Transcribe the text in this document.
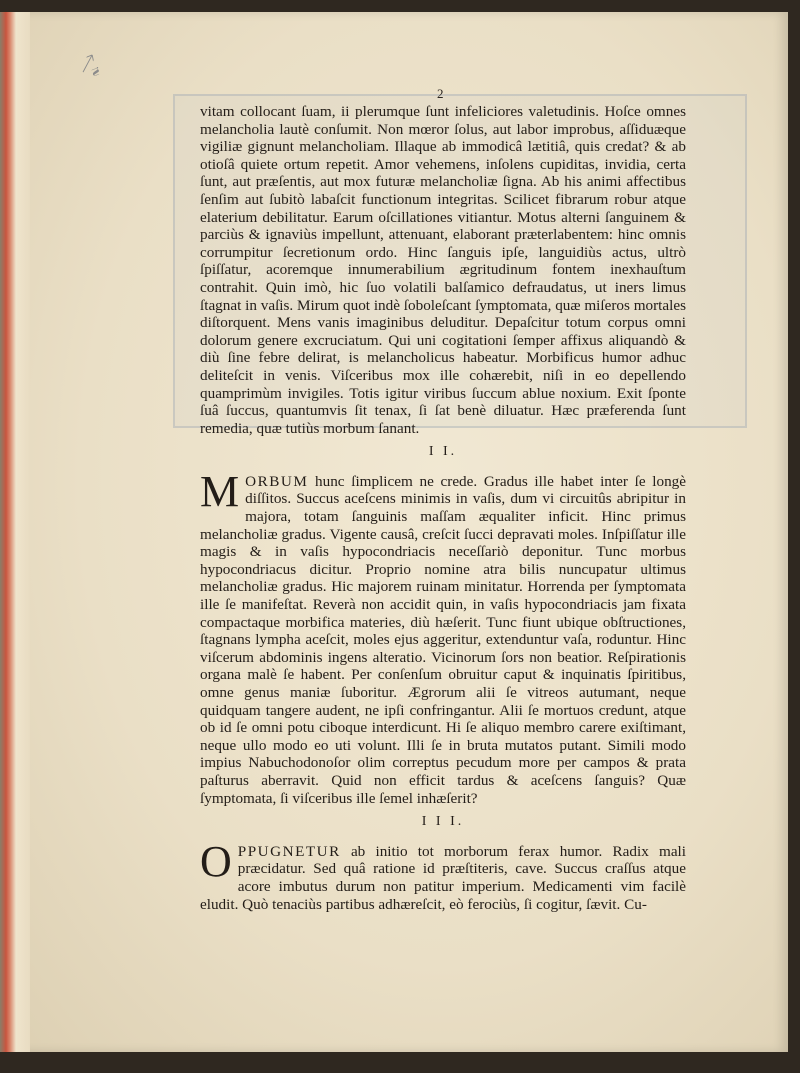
ᛏ𝓇
2

vitam collocant ſuam, ii plerumque ſunt infeliciores valetudinis. Hoſce omnes melancholia lautè conſumit. Non mœror ſolus, aut labor improbus, aſſiduæque vigiliæ gignunt melancholiam. Illaque ab immodicâ lætitiâ, quis credat? & ab otioſâ quiete ortum repetit. Amor vehemens, inſolens cupiditas, invidia, certa ſunt, aut præſentis, aut mox futuræ melancholiæ ſigna. Ab his animi affectibus ſenſim aut ſubitò labaſcit functionum integritas. Scilicet fibrarum robur atque elaterium debilitatur. Earum oſcillationes vitiantur. Motus alterni ſanguinem & parciùs & ignaviùs impellunt, attenuant, elaborant præterlabentem: hinc omnis corrumpitur ſecretionum ordo. Hinc ſanguis ipſe, languidiùs actus, ultrò ſpiſſatur, acoremque innumerabilium ægritudinum fontem inexhauſtum contrahit. Quin imò, hic ſuo volatili balſamico defraudatus, ut iners limus ſtagnat in vaſis. Mirum quot indè ſoboleſcant ſymptomata, quæ miſeros mortales diſtorquent. Mens vanis imaginibus deluditur. Depaſcitur totum corpus omni dolorum genere excruciatum. Qui uni cogitationi ſemper affixus aliquandò & diù ſine febre delirat, is melancholicus habeatur. Morbificus humor adhuc deliteſcit in venis. Viſceribus mox ille cohærebit, niſi in eo depellendo quamprimùm invigiles. Totis igitur viribus ſuccum ablue noxium. Exit ſponte ſuâ ſuccus, quantumvis ſit tenax, ſi ſat benè diluatur. Hæc præferenda ſunt remedia, quæ tutiùs morbum ſanant.

I I.

MORBUM hunc ſimplicem ne crede. Gradus ille habet inter ſe longè diſſitos. Succus aceſcens minimis in vaſis, dum vi circuitûs abripitur in majora, totam ſanguinis maſſam æqualiter inficit. Hinc primus melancholiæ gradus. Vigente causâ, creſcit ſucci depravati moles. Inſpiſſatur ille magis & in vaſis hypocondriacis neceſſariò deponitur. Tunc morbus hypocondriacus dicitur. Proprio nomine atra bilis nuncupatur ultimus melancholiæ gradus. Hic majorem ruinam minitatur. Horrenda per ſymptomata ille ſe manifeſtat. Reverà non accidit quin, in vaſis hypocondriacis jam fixata compactaque morbifica materies, diù hæſerit. Tunc fiunt ubique obſtructiones, ſtagnans lympha aceſcit, moles ejus aggeritur, extenduntur vaſa, roduntur. Hinc viſcerum abdominis ingens alteratio. Vicinorum ſors non beatior. Reſpirationis organa malè ſe habent. Per conſenſum obruitur caput & inquinatis ſpiritibus, omne genus maniæ ſuboritur. Ægrorum alii ſe vitreos autumant, neque quidquam tangere audent, ne ipſi confringantur. Alii ſe mortuos credunt, atque ob id ſe omni potu ciboque interdicunt. Hi ſe aliquo membro carere exiſtimant, neque ullo modo eo uti volunt. Illi ſe in bruta mutatos putant. Simili modo impius Nabuchodonoſor olim correptus pecudum more per campos & prata paſturus aberravit. Quid non efficit tardus & aceſcens ſanguis? Quæ ſymptomata, ſi viſceribus ille ſemel inhæſerit?

I I I.

OPPUGNETUR ab initio tot morborum ferax humor. Radix mali præcidatur. Sed quâ ratione id præſtiteris, cave. Succus craſſus atque acore imbutus durum non patitur imperium. Medicamenti vim facilè eludit. Quò tenaciùs partibus adhæreſcit, eò ferociùs, ſi cogitur, ſævit. Cu-
